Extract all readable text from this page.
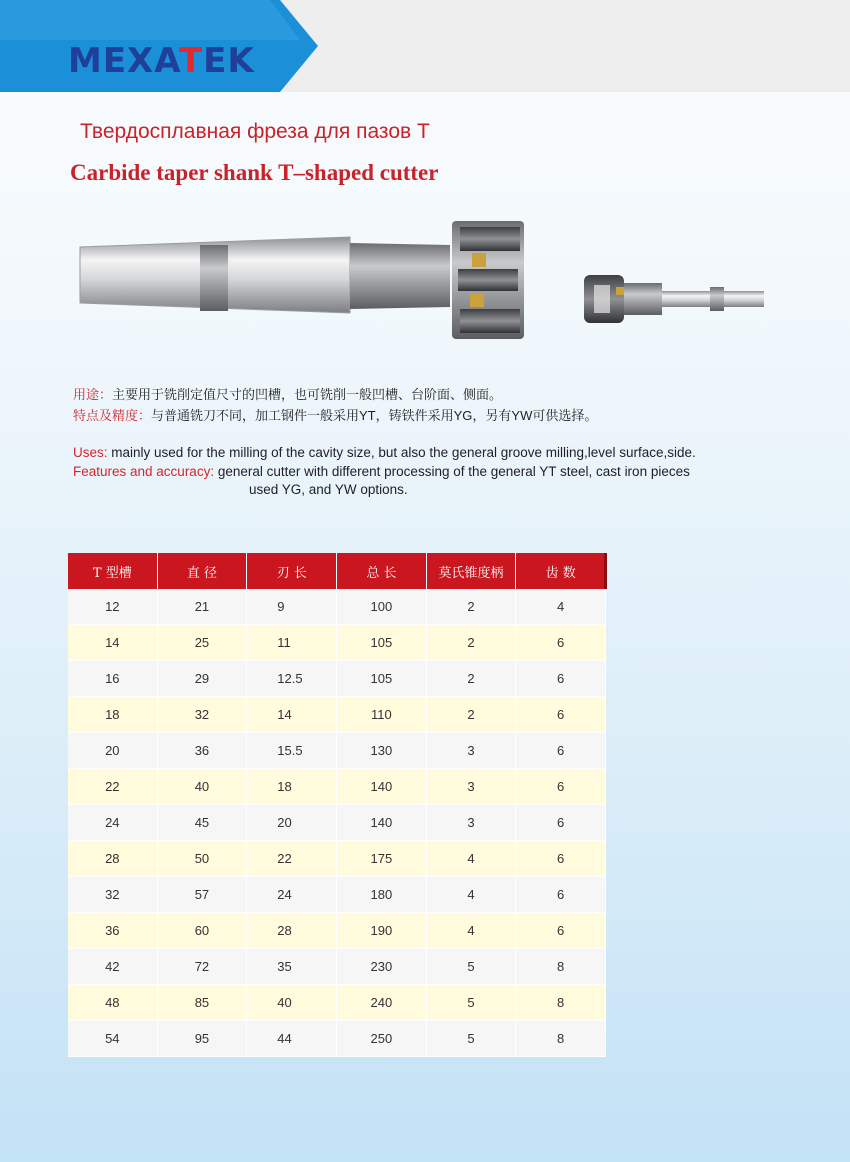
MEXATEK
Твердосплавная фреза для пазов Т
Carbide taper shank T–shaped cutter
用途：主要用于铣削定值尺寸的凹槽，也可铣削一般凹槽、台阶面、侧面。
特点及精度：与普通铣刀不同，加工钢件一般采用YT，铸铁件采用YG，另有YW可供选择。
Uses: mainly used for the milling of the cavity size, but also the general groove milling,level surface,side.
Features and accuracy: general cutter with different processing of the general YT steel, cast iron pieces
used YG, and YW options.
T 型槽	直 径	刃 长	总 长	莫氏锥度柄	齿 数
12	21	9	100	2	4
14	25	11	105	2	6
16	29	12.5	105	2	6
18	32	14	110	2	6
20	36	15.5	130	3	6
22	40	18	140	3	6
24	45	20	140	3	6
28	50	22	175	4	6
32	57	24	180	4	6
36	60	28	190	4	6
42	72	35	230	5	8
48	85	40	240	5	8
54	95	44	250	5	8
